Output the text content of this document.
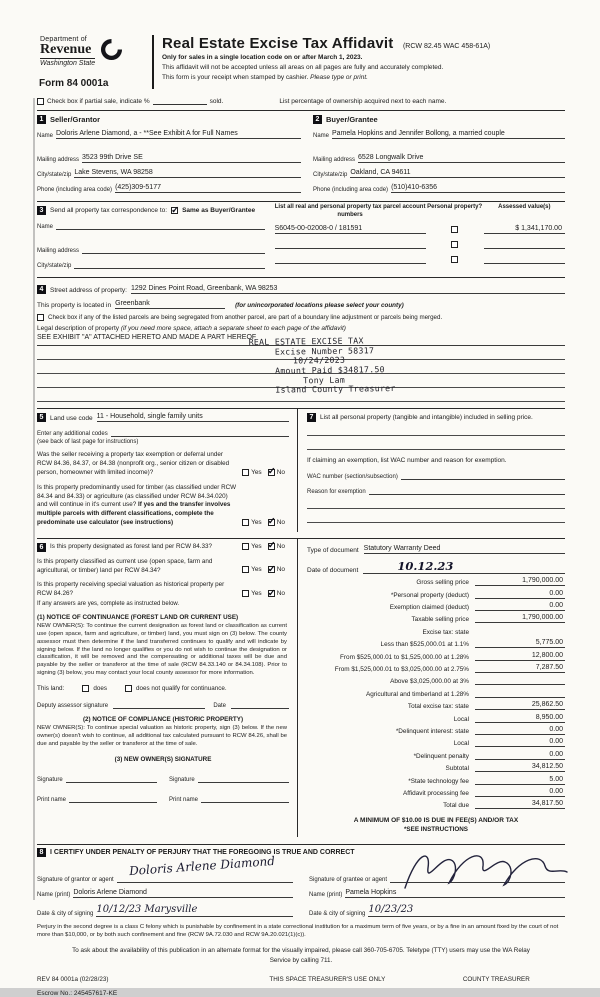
Department of
Revenue
Washington State
Form 84 0001a
Real Estate Excise Tax Affidavit (RCW 82.45 WAC 458-61A)
Only for sales in a single location code on or after March 1, 2023.
This affidavit will not be accepted unless all areas on all pages are fully and accurately completed.
This form is your receipt when stamped by cashier. Please type or print.
Check box if partial sale, indicate %	sold.	List percentage of ownership acquired next to each name.
1 Seller/Grantor
Name Doloris Arlene Diamond, a - **See Exhibit A for Full Names
Mailing address 3523 99th Drive SE
City/state/zip Lake Stevens, WA 98258
Phone (including area code) (425)309-5177
2 Buyer/Grantee
Name Pamela Hopkins and Jennifer Bollong, a married couple
Mailing address 6528 Longwalk Drive
City/state/zip Oakland, CA 94611
Phone (including area code) (510)410-6356
3	Send all property tax correspondence to: ✓ Same as Buyer/Grantee
Name
Mailing address
City/state/zip
List all real and personal property tax parcel account numbers
Personal property?	Assessed value(s)
S6045-00-02008-0 / 181591	$ 1,341,170.00
4	Street address of property: 1292 Dines Point Road, Greenbank, WA 98253
This property is located in Greenbank	(for unincorporated locations please select your county)
Check box if any of the listed parcels are being segregated from another parcel, are part of a boundary line adjustment or parcels being merged.
Legal description of property (if you need more space, attach a separate sheet to each page of the affidavit)
SEE EXHIBIT "A" ATTACHED HERETO AND MADE A PART HEREOF
REAL ESTATE EXCISE TAX
Excise Number 58317
10/24/2023
Amount Paid $34817.50
Tony Lam
Island County Treasurer
5	Land use code 11 - Household, single family units
Enter any additional codes
(see back of last page for instructions)
Was the seller receiving a property tax exemption or deferral under RCW 84.36, 84.37, or 84.38 (nonprofit org., senior citizen or disabled person, homeowner with limited income)?	Yes ✓ No
Is this property predominantly used for timber (as classified under RCW 84.34 and 84.33) or agriculture (as classified under RCW 84.34.020) and will continue in it's current use? If yes and the transfer involves multiple parcels with different classifications, complete the predominate use calculator (see instructions)	Yes ✓ No
7	List all personal property (tangible and intangible) included in selling price.
If claiming an exemption, list WAC number and reason for exemption.
WAC number (section/subsection)
Reason for exemption
6	Is this property designated as forest land per RCW 84.33?	Yes ✓ No
Is this property classified as current use (open space, farm and agricultural, or timber) land per RCW 84.34?	Yes ✓ No
Is this property receiving special valuation as historical property per RCW 84.26?	Yes ✓ No
If any answers are yes, complete as instructed below.
(1) NOTICE OF CONTINUANCE (FOREST LAND OR CURRENT USE)
NEW OWNER(S): To continue the current designation as forest land or classification as current use (open space, farm and agriculture, or timber) land, you must sign on (3) below. The county assessor must then determine if the land transferred continues to qualify and will indicate by signing below. If the land no longer qualifies or you do not wish to continue the designation or classification, it will be removed and the compensating or additional taxes will be due and payable by the seller or transferor at the time of sale (RCW 84.33.140 or 84.34.108). Prior to signing (3) below, you may contact your local county assessor for more information.
This land:	does	does not qualify for continuance.
Deputy assessor signature	Date
(2) NOTICE OF COMPLIANCE (HISTORIC PROPERTY)
NEW OWNER(S): To continue special valuation as historic property, sign (3) below. If the new owner(s) doesn't wish to continue, all additional tax calculated pursuant to RCW 84.26, shall be due and payable by the seller or transferor at the time of sale.
(3) NEW OWNER(S) SIGNATURE
Signature	Signature
Print name	Print name
Type of document Statutory Warranty Deed
Date of document	10.12.23
Gross selling price	1,790,000.00
*Personal property (deduct)	0.00
Exemption claimed (deduct)	0.00
Taxable selling price	1,790,000.00
Excise tax: state
Less than $525,000.01 at 1.1%	5,775.00
From $525,000.01 to $1,525,000.00 at 1.28%	12,800.00
From $1,525,000.01 to $3,025,000.00 at 2.75%	7,287.50
Above $3,025,000.00 at 3%
Agricultural and timberland at 1.28%
Total excise tax: state	25,862.50
Local	8,950.00
*Delinquent interest: state	0.00
Local	0.00
*Delinquent penalty	0.00
Subtotal	34,812.50
*State technology fee	5.00
Affidavit processing fee	0.00
Total due	34,817.50
A MINIMUM OF $10.00 IS DUE IN FEE(S) AND/OR TAX
*SEE INSTRUCTIONS
8 I CERTIFY UNDER PENALTY OF PERJURY THAT THE FOREGOING IS TRUE AND CORRECT
Signature of grantor or agent
Doloris Arlene Diamond
Name (print) Doloris Arlene Diamond
Date & city of signing 10/12/23 Marysville
Signature of grantee or agent
Name (print) Pamela Hopkins
Date & city of signing 10/23/23
Perjury in the second degree is a class C felony which is punishable by confinement in a state correctional institution for a maximum term of five years, or by a fine in an amount fixed by the court of not more than $10,000, or by both such confinement and fine (RCW 9A.72.030 and RCW 9A.20.021(1)(c)).
To ask about the availability of this publication in an alternate format for the visually impaired, please call 360-705-6705. Teletype (TTY) users may use the WA Relay Service by calling 711.
REV 84 0001a (02/28/23)	THIS SPACE TREASURER'S USE ONLY	COUNTY TREASURER
Escrow No.: 245457617-KE
